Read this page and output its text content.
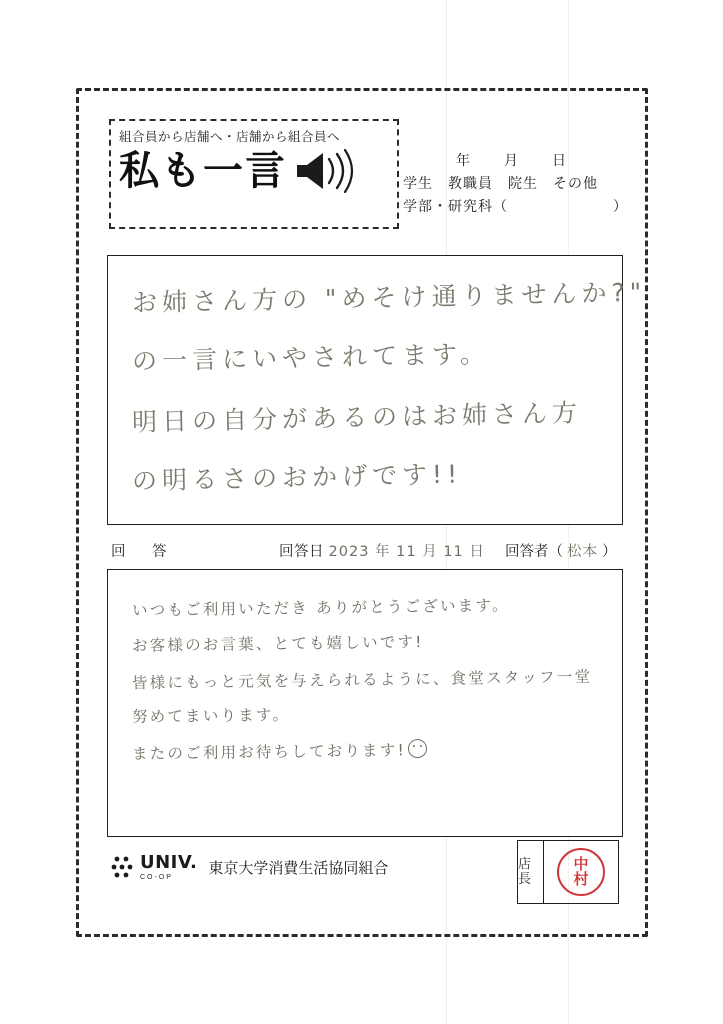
組合員から店舗へ・店舗から組合員へ
私も一言	年　月　日
学生　教職員　院生　その他
学部・研究科（　　　　　　　）
お姉さん方の "めそけ通りませんか?"
の一言にいやされてます。
明日の自分があるのはお姉さん方
の明るさのおかげです!!
回　答	回答日 2023 年 11 月 11 日 回答者（ 松本 ）
いつもご利用いただき ありがとうございます。
お客様のお言葉、とても嬉しいです!
皆様にもっと元気を与えられるように、食堂スタッフ一堂
努めてまいります。
またのご利用お待ちしております!
UNIV.
CO-OP
東京大学消費生活協同組合	店長
中
村
